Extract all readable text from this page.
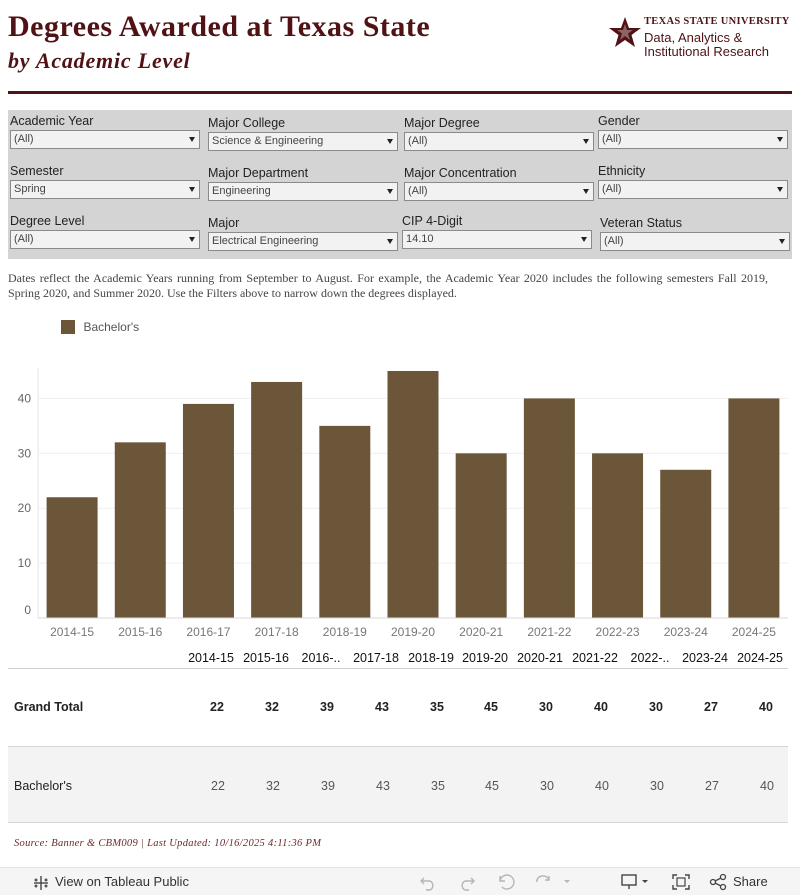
Degrees Awarded at Texas State
by Academic Level
TEXAS STATE UNIVERSITY
Data, Analytics &
Institutional Research
Academic Year
(All)
Major College
Science & Engineering
Major Degree
(All)
Gender
(All)
Semester
Spring
Major Department
Engineering
Major Concentration
(All)
Ethnicity
(All)
Degree Level
(All)
Major
Electrical Engineering
CIP 4-Digit
14.10
Veteran Status
(All)
Dates reflect the Academic Years running from September to August. For example, the Academic Year 2020 includes the following semesters Fall 2019, Spring 2020, and Summer 2020. Use the Filters above to narrow down the degrees displayed.
Bachelor's
0
10
20
30
40
2014-15 2015-16 2016-17 2017-18 2018-19 2019-20 2020-21 2021-22 2022-23 2023-24 2024-25
2014-15 2015-16	2016-..	2017-18 2018-19 2019-20 2020-21 2021-22	2022-..	2023-24 2024-25
Grand Total	22	32	39	43	35	45	30	40	30	27	40
Bachelor's	22	32	39	43	35	45	30	40	30	27	40
Source: Banner & CBM009 | Last Updated: 10/16/2025 4:11:36 PM
View on Tableau Public	Share
